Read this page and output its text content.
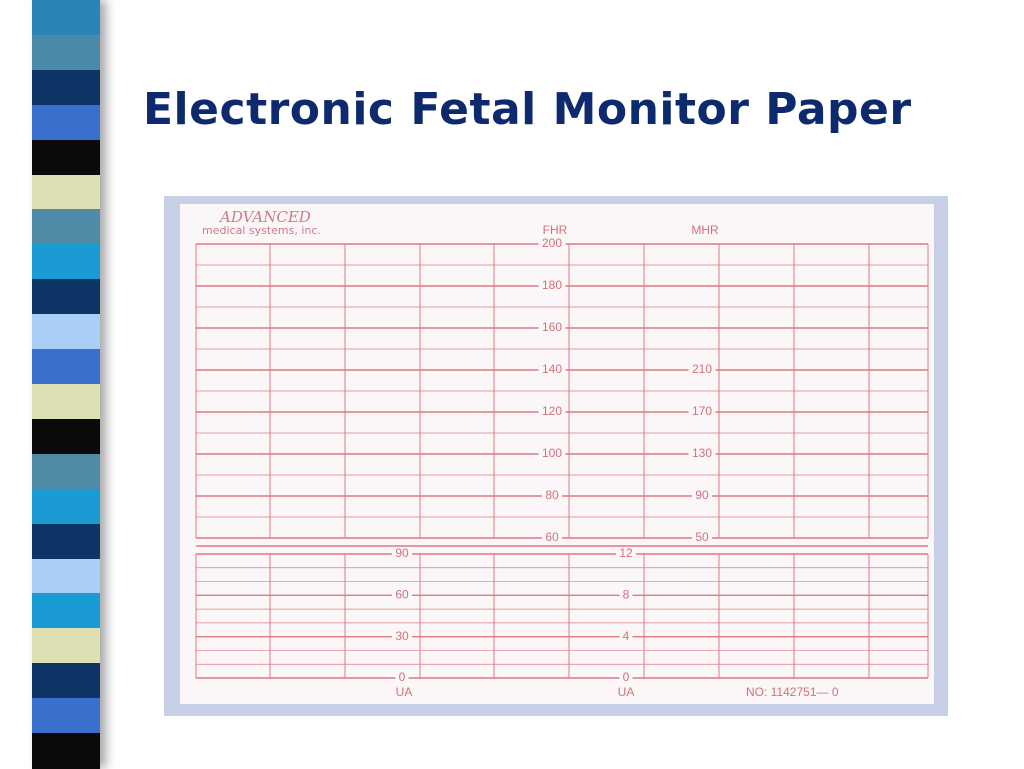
Electronic Fetal Monitor Paper
FHR	MHR
200
180
160
140
120
100
80
60
210
170
130
90
50
90
60
30
0
12
8
4
0
UA	UA	NO: 1142751— 0
ADVANCED
medical systems, inc.
